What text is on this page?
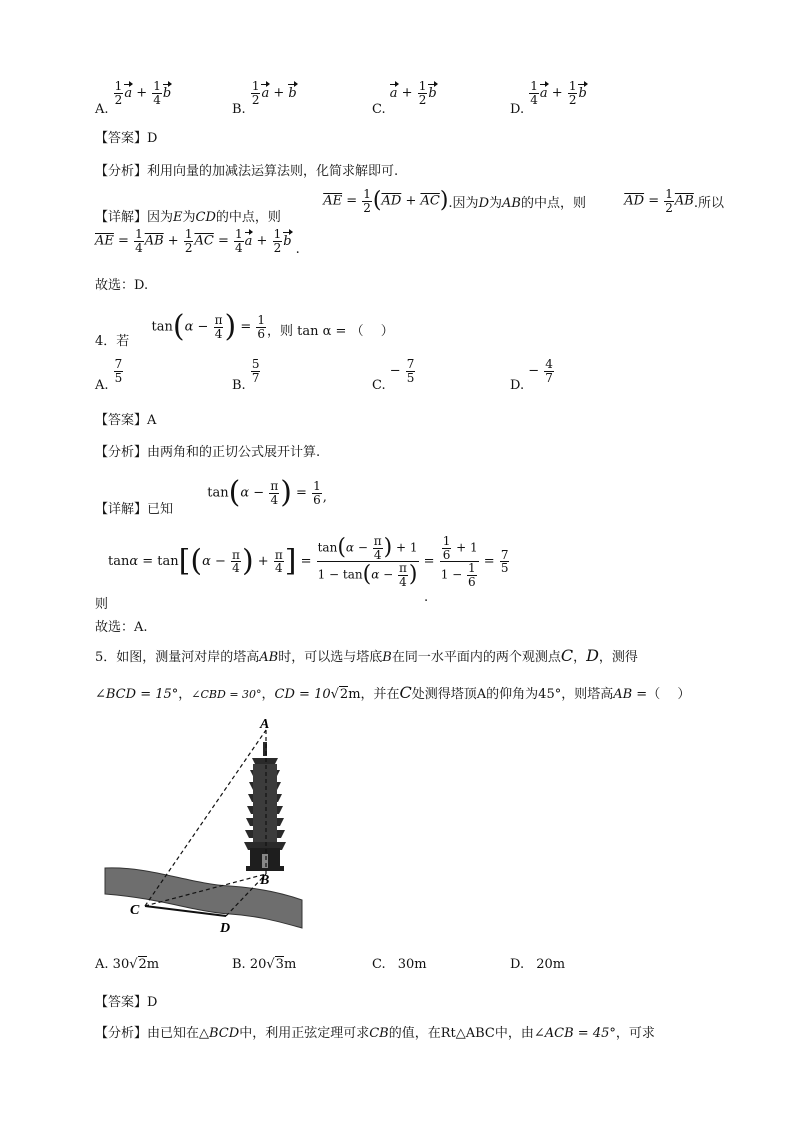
A.
$\frac{1}{2}$ $a + \frac{1}{4}$ b
B.
$\frac{1}{2}$ a + b
C. $a + \frac{1}{2}$ b
D.
$\frac{1}{4}$ $a + \frac{1}{2}$ b
【答案】D
【分析】利用向量的加减法运算法则，化简求解即可.
【详解】因为E为CD的中点，则  $\overline{AE} = \frac{1}{2} (\overline{AD} + \overline{AC})$.因为D为AB的中点，则	$\overline{AD} = \frac{1}{2} \overline{AB}$.所以
$\overline{AE} = \frac{1}{4} \overline{AB} + \frac{1}{2} \overline{AC} = \frac{1}{4}$ $a + \frac{1}{2}$ b .
故选：D.
4．若  $\tan(\alpha - \frac{\pi}{4}$ ) = $\frac{1}{6}$ ，则 tan α = （　 ）
A.
$\frac{7}{5}$
B.
$\frac{5}{7}$
C. − $\frac{7}{5}$
D. − $\frac{4}{7}$
【答案】A
【分析】由两角和的正切公式展开计算.
【详解】已知  $\tan(\alpha - \frac{\pi}{4}$ ) = $\frac{1}{6}$ ,
$\tan\alpha = \tan[(\alpha - \frac{\pi}{4}$ ) + $\frac{\pi}{4}$ ] = $\frac{\tan(\alpha - \frac{\pi}{4} ) + 1}{1 - \tan(\alpha - \frac{\pi}{4} )} = \frac{\frac{1}{6} + 1}{1 - \frac{1}{6}} = \frac{7}{5}$
则	.
故选：A.
5．如图，测量河对岸的塔高AB时，可以选与塔底B在同一水平面内的两个观测点C，D，测得
∠BCD = 15°，∠CBD = 30°，CD = 10√2m，并在C处测得塔顶A的仰角为45°，则塔高AB =（　 ）
A
B
C
D
A. 30√2m	B. 20√3m	C. 30m	D. 20m
【答案】D
【分析】由已知在△BCD中，利用正弦定理可求CB的值，在Rt△ABC中，由∠ACB = 45°，可求
